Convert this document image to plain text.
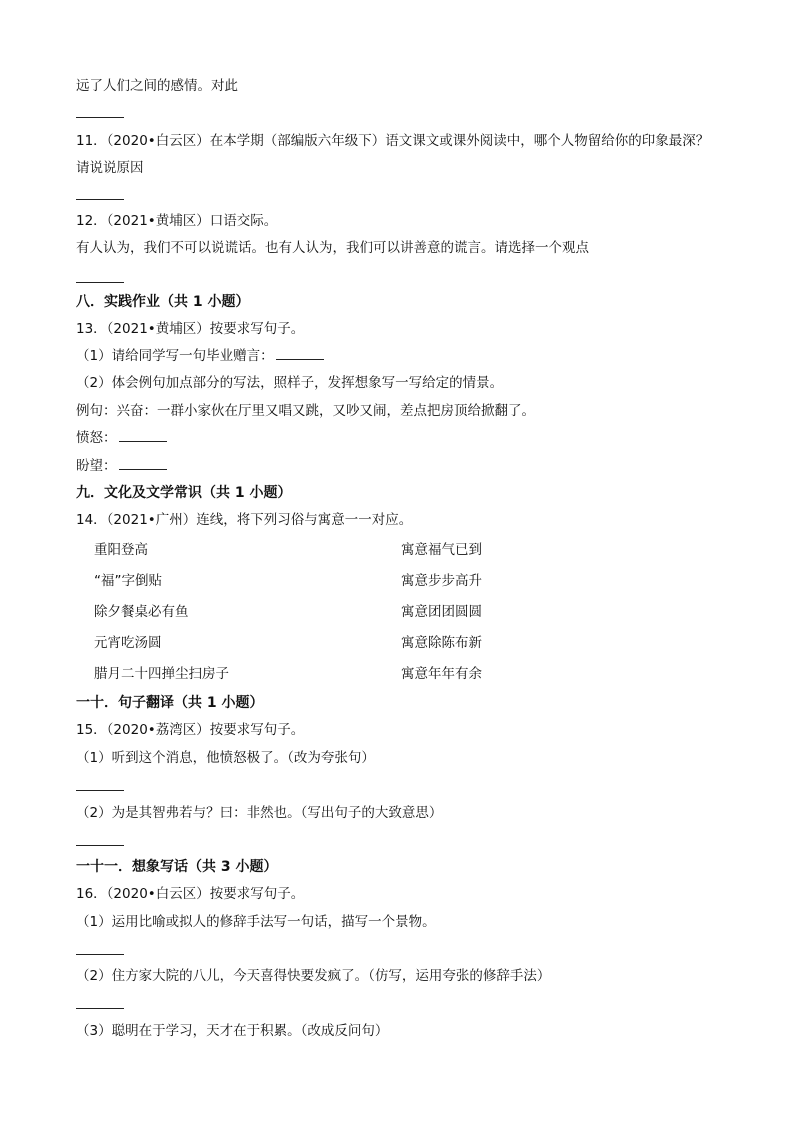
远了人们之间的感情。对此
11．（2020•白云区）在本学期（部编版六年级下）语文课文或课外阅读中，哪个人物留给你的印象最深？
请说说原因
12．（2021•黄埔区）口语交际。
有人认为，我们不可以说谎话。也有人认为，我们可以讲善意的谎言。请选择一个观点
八．实践作业（共 1 小题）
13．（2021•黄埔区）按要求写句子。
（1）请给同学写一句毕业赠言：
（2）体会例句加点部分的写法，照样子，发挥想象写一写给定的情景。
例句：兴奋：一群小家伙在厅里又唱又跳，又吵又闹，差点把房顶给掀翻了。
愤怒：
盼望：
九．文化及文学常识（共 1 小题）
14．（2021•广州）连线，将下列习俗与寓意一一对应。
重阳登高	寓意福气已到
“福”字倒贴	寓意步步高升
除夕餐桌必有鱼	寓意团团圆圆
元宵吃汤圆	寓意除陈布新
腊月二十四掸尘扫房子	寓意年年有余
一十．句子翻译（共 1 小题）
15．（2020•荔湾区）按要求写句子。
（1）听到这个消息，他愤怒极了。（改为夸张句）
（2）为是其智弗若与？曰：非然也。（写出句子的大致意思）
一十一．想象写话（共 3 小题）
16．（2020•白云区）按要求写句子。
（1）运用比喻或拟人的修辞手法写一句话，描写一个景物。
（2）住方家大院的八儿，今天喜得快要发疯了。（仿写，运用夸张的修辞手法）
（3）聪明在于学习，天才在于积累。（改成反问句）
